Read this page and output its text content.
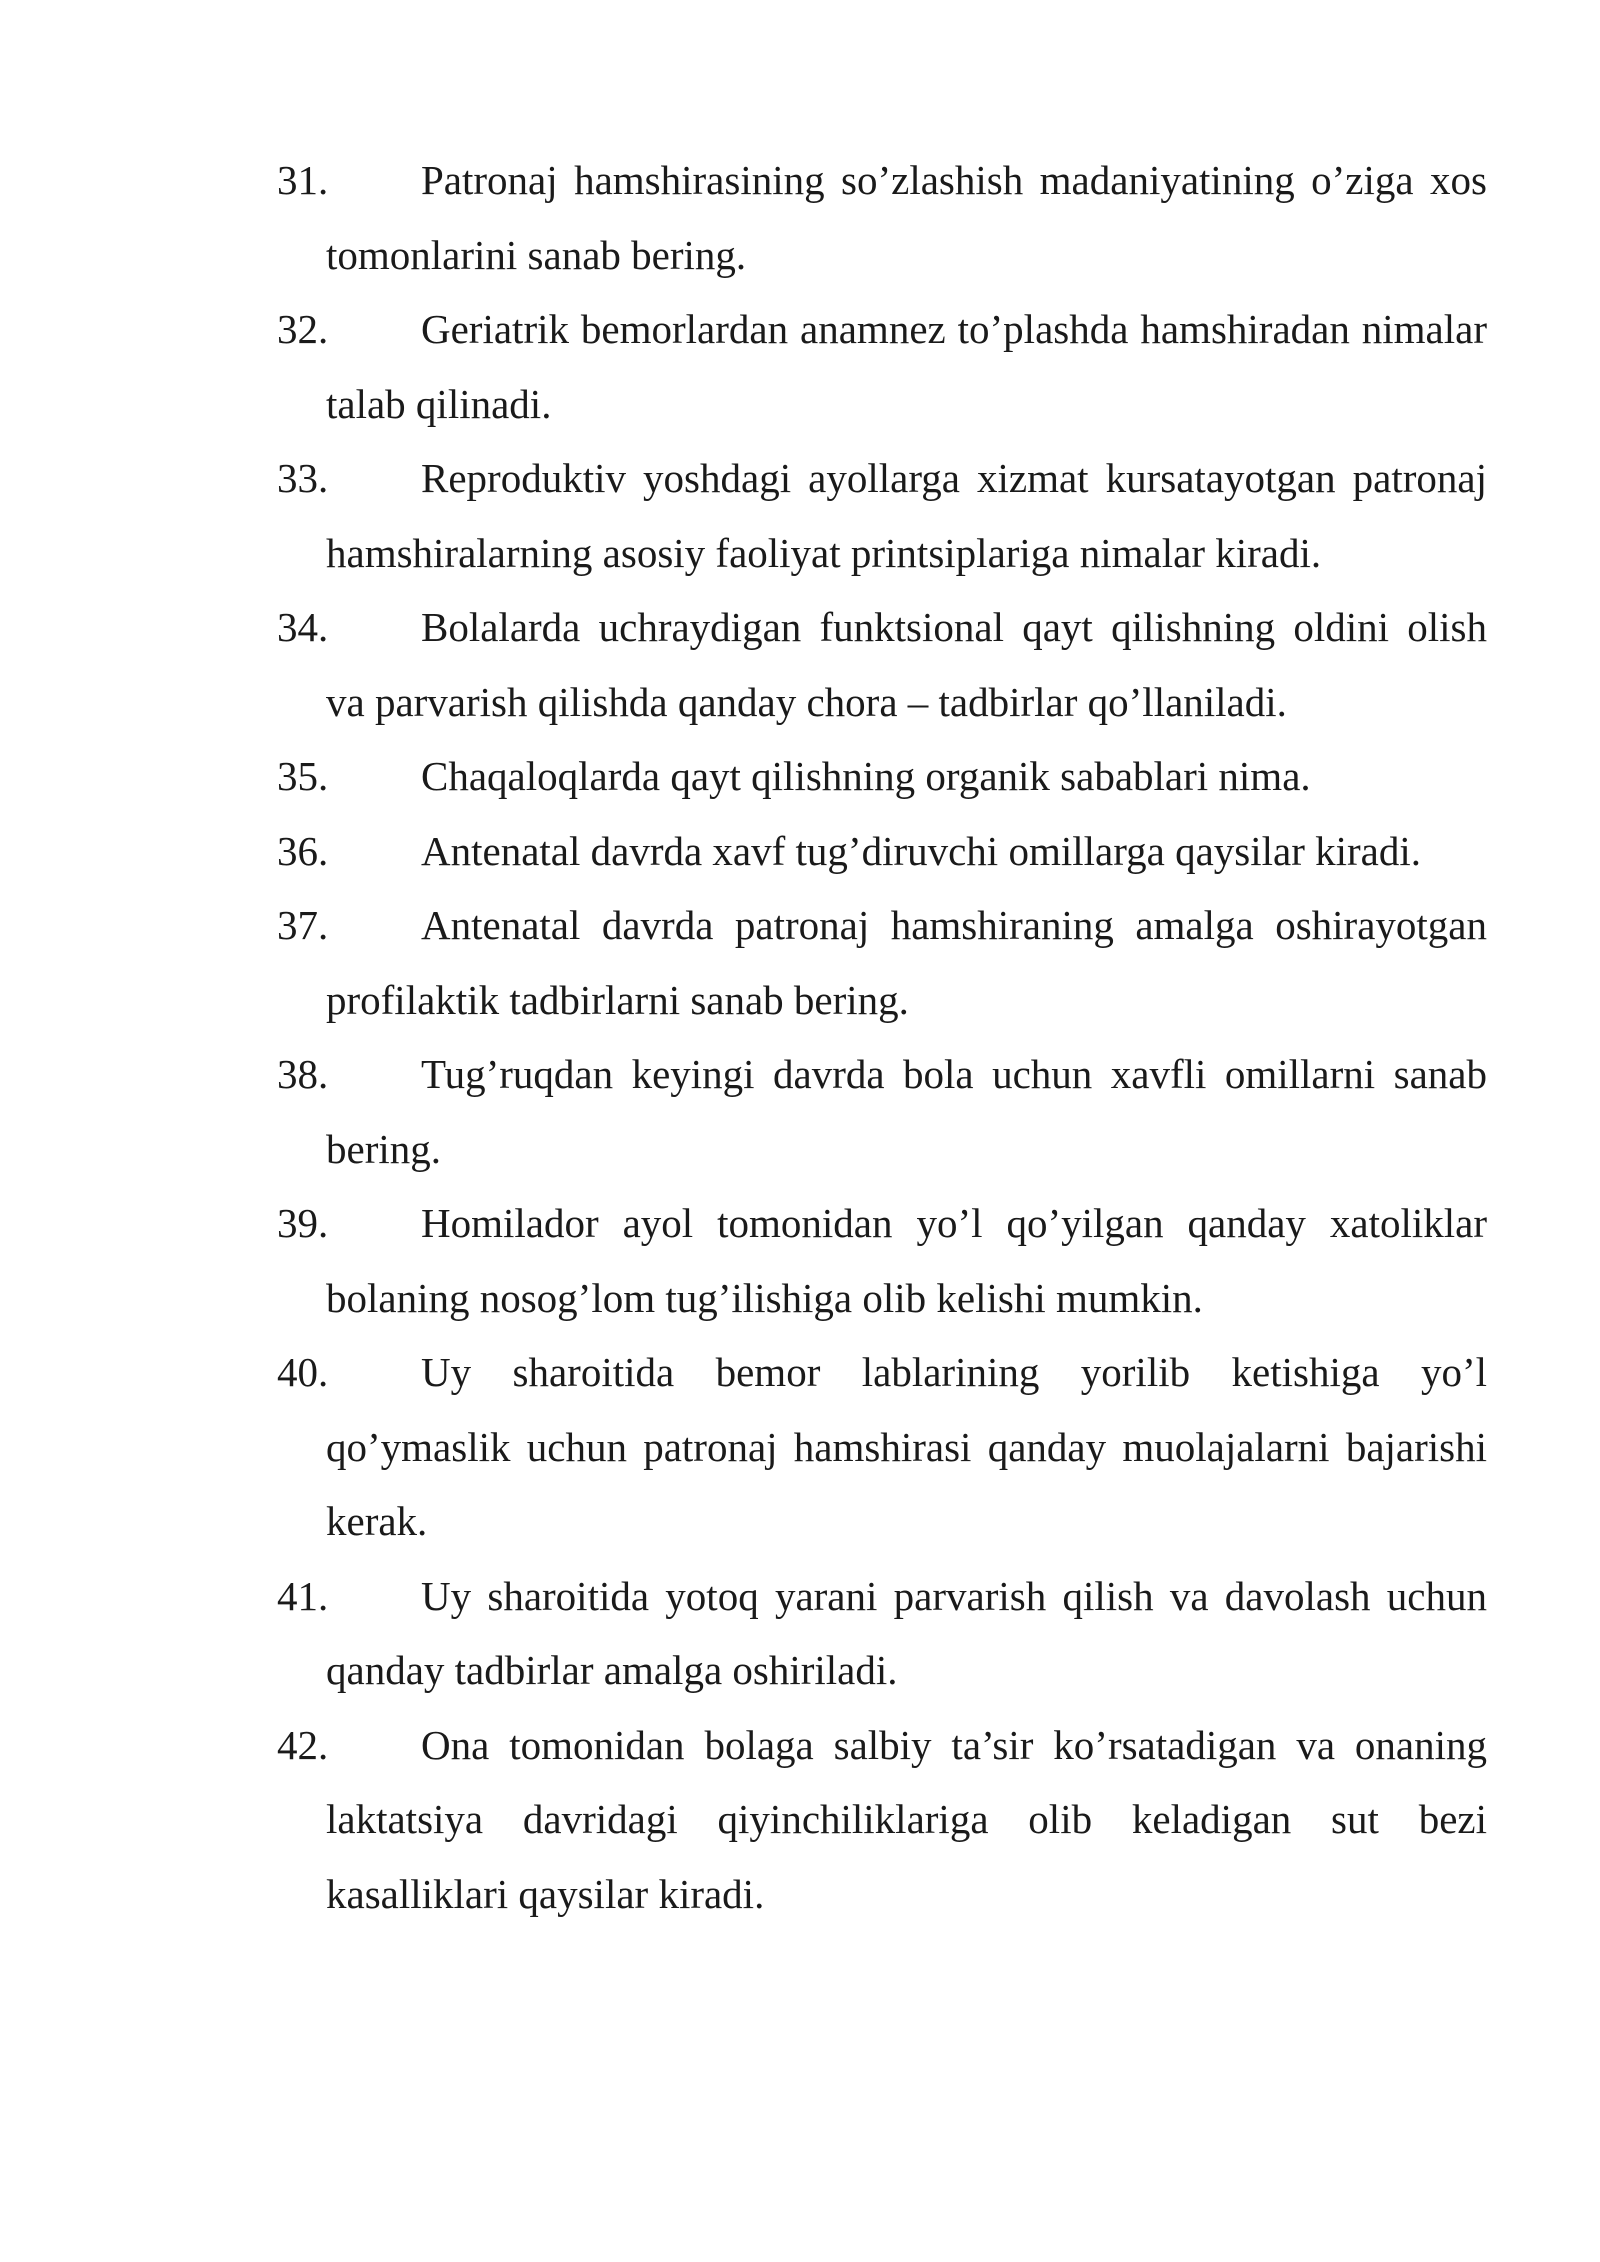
31.	Patronaj hamshirasining so’zlashish madaniyatining o’ziga xos tomonlarini sanab bering.
32.	Geriatrik bemorlardan anamnez to’plashda hamshiradan nimalar talab qilinadi.
33.	Reproduktiv yoshdagi ayollarga xizmat kursatayotgan patronaj hamshiralarning asosiy faoliyat printsiplariga nimalar kiradi.
34.	Bolalarda uchraydigan funktsional qayt qilishning oldini olish va parvarish qilishda qanday chora – tadbirlar qo’llaniladi.
35.	Chaqaloqlarda qayt qilishning organik sabablari nima.
36.	Antenatal davrda xavf tug’diruvchi omillarga qaysilar kiradi.
37.	Antenatal davrda patronaj hamshiraning amalga oshirayotgan profilaktik tadbirlarni sanab bering.
38.	Tug’ruqdan keyingi davrda bola uchun xavfli omillarni sanab bering.
39.	Homilador ayol tomonidan yo’l qo’yilgan qanday xatoliklar bolaning nosog’lom tug’ilishiga olib kelishi mumkin.
40.	Uy sharoitida bemor lablarining yorilib ketishiga yo’l qo’ymaslik uchun patronaj hamshirasi qanday muolajalarni bajarishi kerak.
41.	Uy sharoitida yotoq yarani parvarish qilish va davolash uchun qanday tadbirlar amalga oshiriladi.
42.	Ona tomonidan bolaga salbiy ta’sir ko’rsatadigan va onaning laktatsiya davridagi qiyinchiliklariga olib keladigan sut bezi kasalliklari qaysilar kiradi.
